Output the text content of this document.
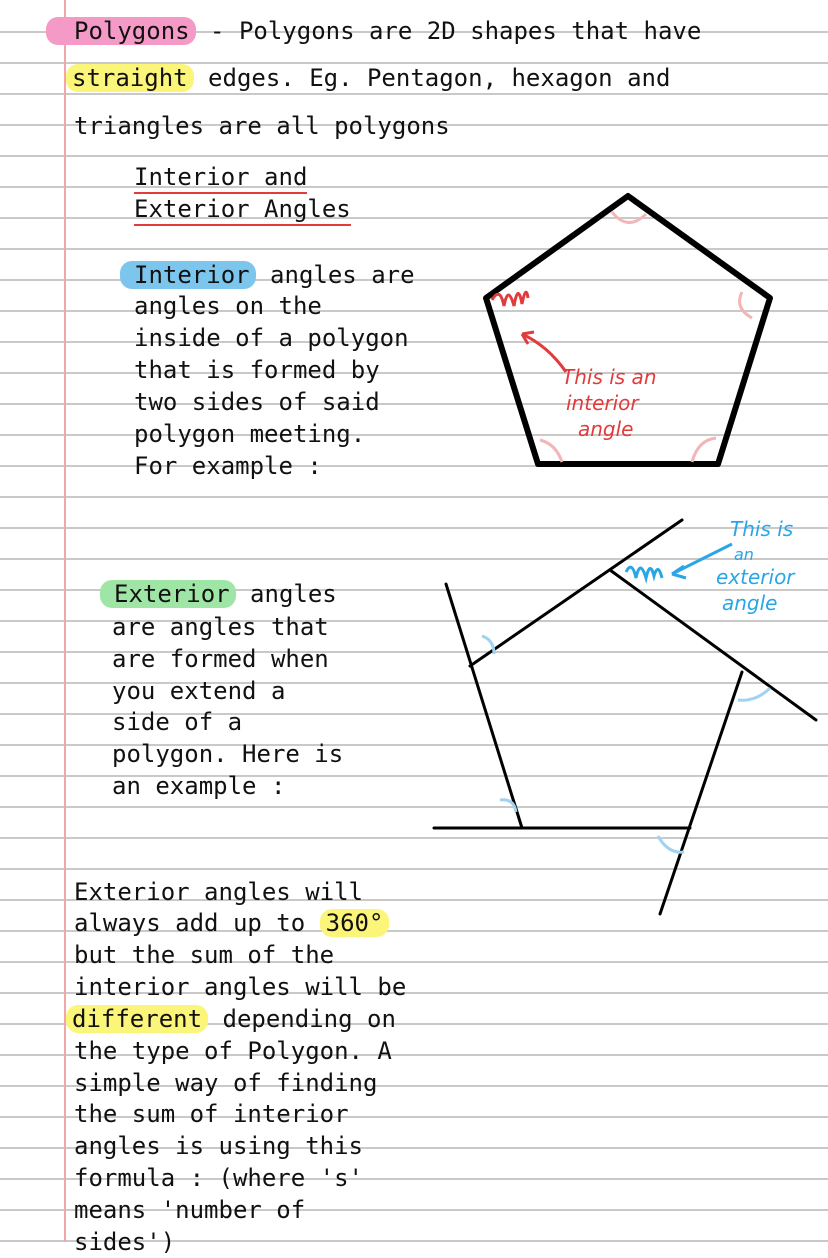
Polygons - Polygons are 2D shapes that have
straight edges. Eg. Pentagon, hexagon and
triangles are all polygons
Interior and
Exterior Angles
Interior angles are
angles on the
inside of a polygon
that is formed by
two sides of said
polygon meeting.
For example :
Exterior angles
are angles that
are formed when
you extend a
side of a
polygon. Here is
an example :
Exterior angles will
always add up to 360°
but the sum of the
interior angles will be
different depending on
the type of Polygon. A
simple way of finding
the sum of interior
angles is using this
formula : (where 's'
means 'number of
sides')
This is an
interior
angle
This is
an
exterior
angle
